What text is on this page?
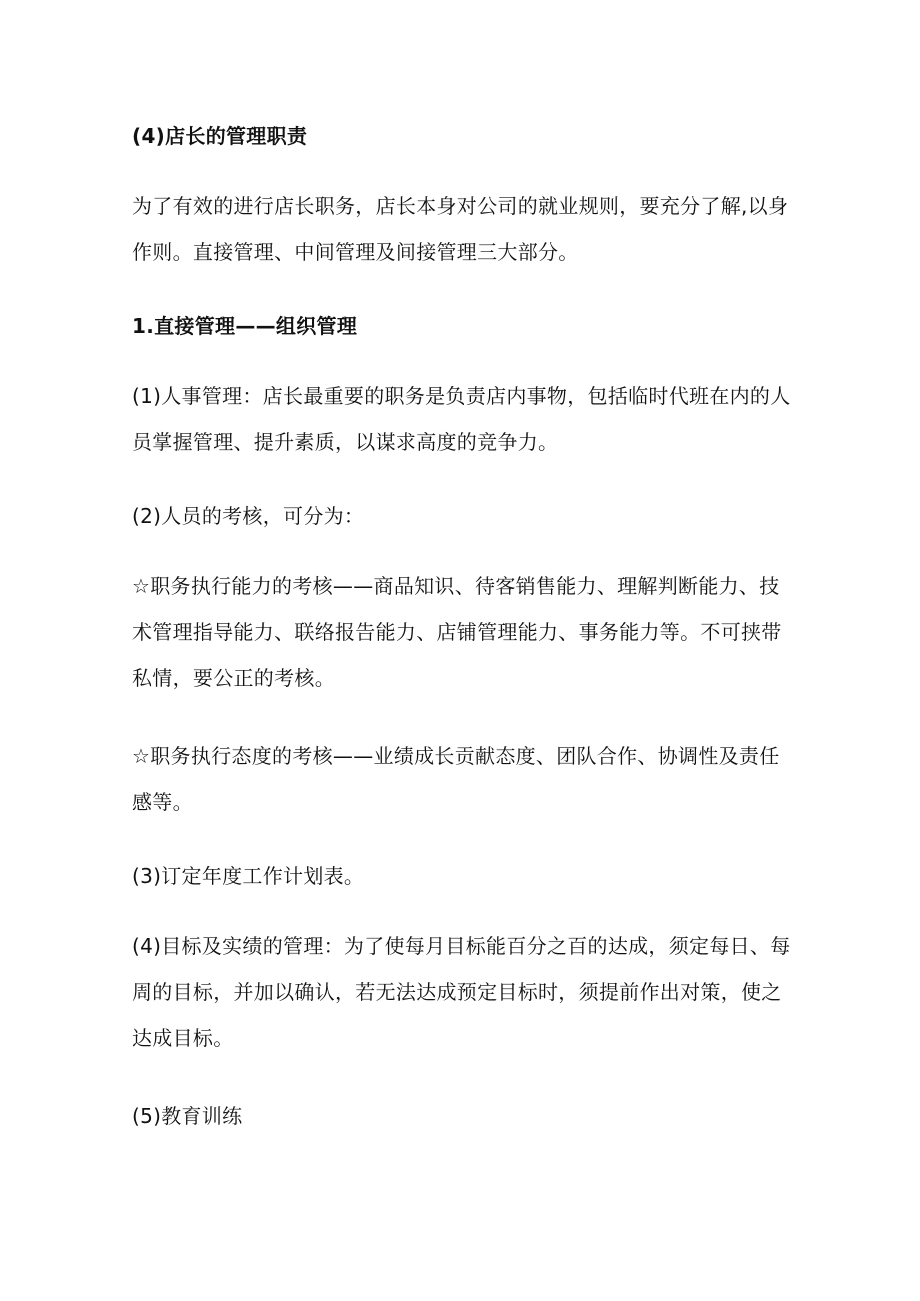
(4)店长的管理职责

为了有效的进行店长职务，店长本身对公司的就业规则，要充分了解,以身作则。直接管理、中间管理及间接管理三大部分。

1.直接管理——组织管理

(1)人事管理：店长最重要的职务是负责店内事物，包括临时代班在内的人员掌握管理、提升素质，以谋求高度的竞争力。

(2)人员的考核，可分为：

☆职务执行能力的考核——商品知识、待客销售能力、理解判断能力、技术管理指导能力、联络报告能力、店铺管理能力、事务能力等。不可挟带私情，要公正的考核。

☆职务执行态度的考核——业绩成长贡献态度、团队合作、协调性及责任感等。

(3)订定年度工作计划表。

(4)目标及实绩的管理：为了使每月目标能百分之百的达成，须定每日、每周的目标，并加以确认，若无法达成预定目标时，须提前作出对策，使之达成目标。

(5)教育训练
